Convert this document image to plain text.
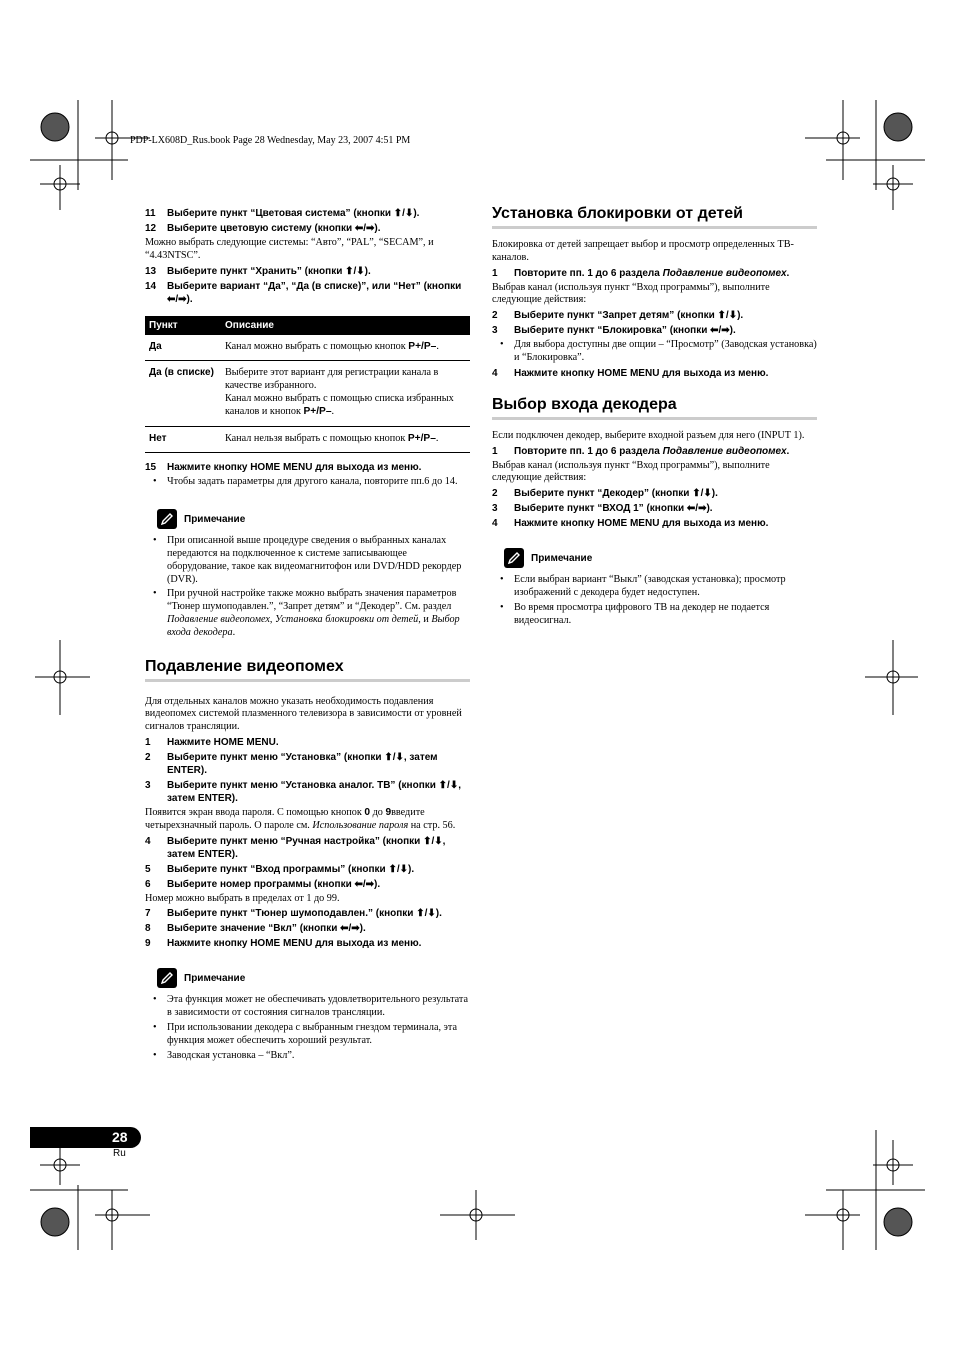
PDP-LX608D_Rus.book Page 28 Wednesday, May 23, 2007 4:51 PM
11	Выберите пункт “Цветовая система” (кнопки ⬆/⬇).
12	Выберите цветовую систему (кнопки ⬅/➡).
Можно выбрать следующие системы: “Авто”, “PAL”, “SECAM”, и “4.43NTSC”.
13	Выберите пункт “Хранить” (кнопки ⬆/⬇).
14	Выберите вариант “Да”, “Да (в списке)”, или “Нет” (кнопки ⬅/➡).
Пункт	Описание
Да	Канал можно выбрать с помощью кнопок P+/P–.
Да (в списке)	Выберите этот вариант для регистрации канала в качестве избранного.
Канал можно выбрать с помощью списка избранных каналов и кнопок P+/P–.

Нет	Канал нельзя выбрать с помощью кнопок P+/P–.
15	Нажмите кнопку HOME MENU для выхода из меню.
•	Чтобы задать параметры для другого канала, повторите пп.6 до 14.
Примечание
•	При описанной выше процедуре сведения о выбранных каналах передаются на подключенное к системе записывающее оборудование, такое как видеомагнитофон или DVD/HDD рекордер (DVR).
•	При ручной настройке также можно выбрать значения параметров “Тюнер шумоподавлен.”, “Запрет детям” и “Декодер”. См. раздел Подавление видеопомех, Установка блокировки от детей, и Выбор входа декодера.
Подавление видеопомех
Для отдельных каналов можно указать необходимость подавления видеопомех системой плазменного телевизора в зависимости от уровней сигналов трансляции.
1	Нажмите HOME MENU.
2	Выберите пункт меню “Установка” (кнопки ⬆/⬇, затем ENTER).
3	Выберите пункт меню “Установка аналог. ТВ” (кнопки ⬆/⬇, затем ENTER).
Появится экран ввода пароля. С помощью кнопок 0 до 9введите четырехзначный пароль. О пароле см. Использование пароля на стр. 56.
4	Выберите пункт меню “Ручная настройка” (кнопки ⬆/⬇, затем ENTER).
5	Выберите пункт “Вход программы” (кнопки ⬆/⬇).
6	Выберите номер программы (кнопки ⬅/➡).
Номер можно выбрать в пределах от 1 до 99.
7	Выберите пункт “Тюнер шумоподавлен.” (кнопки ⬆/⬇).
8	Выберите значение “Вкл” (кнопки ⬅/➡).
9	Нажмите кнопку HOME MENU для выхода из меню.
Примечание
•	Эта функция может не обеспечивать удовлетворительного результата в зависимости от состояния сигналов трансляции.
•	При использовании декодера с выбранным гнездом терминала, эта функция может обеспечить хороший результат.
•	Заводская установка – “Вкл”.
Установка блокировки от детей
Блокировка от детей запрещает выбор и просмотр определенных ТВ-каналов.
1	Повторите пп. 1 до 6 раздела Подавление видеопомех.
Выбрав канал (используя пункт “Вход программы”), выполните следующие действия:
2	Выберите пункт “Запрет детям” (кнопки ⬆/⬇).
3	Выберите пункт “Блокировка” (кнопки ⬅/➡).
•	Для выбора доступны две опции – “Просмотр” (Заводская установка) и “Блокировка”.
4	Нажмите кнопку HOME MENU для выхода из меню.
Выбор входа декодера
Если подключен декодер, выберите входной разъем для него (INPUT 1).
1	Повторите пп. 1 до 6 раздела Подавление видеопомех.
Выбрав канал (используя пункт “Вход программы”), выполните следующие действия:
2	Выберите пункт “Декодер” (кнопки ⬆/⬇).
3	Выберите пункт “ВХОД 1” (кнопки ⬅/➡).
4	Нажмите кнопку HOME MENU для выхода из меню.
Примечание
•	Если выбран вариант “Выкл” (заводская установка); просмотр изображений с декодера будет недоступен.
•	Во время просмотра цифрового ТВ на декодер не подается видеосигнал.
28
Ru
